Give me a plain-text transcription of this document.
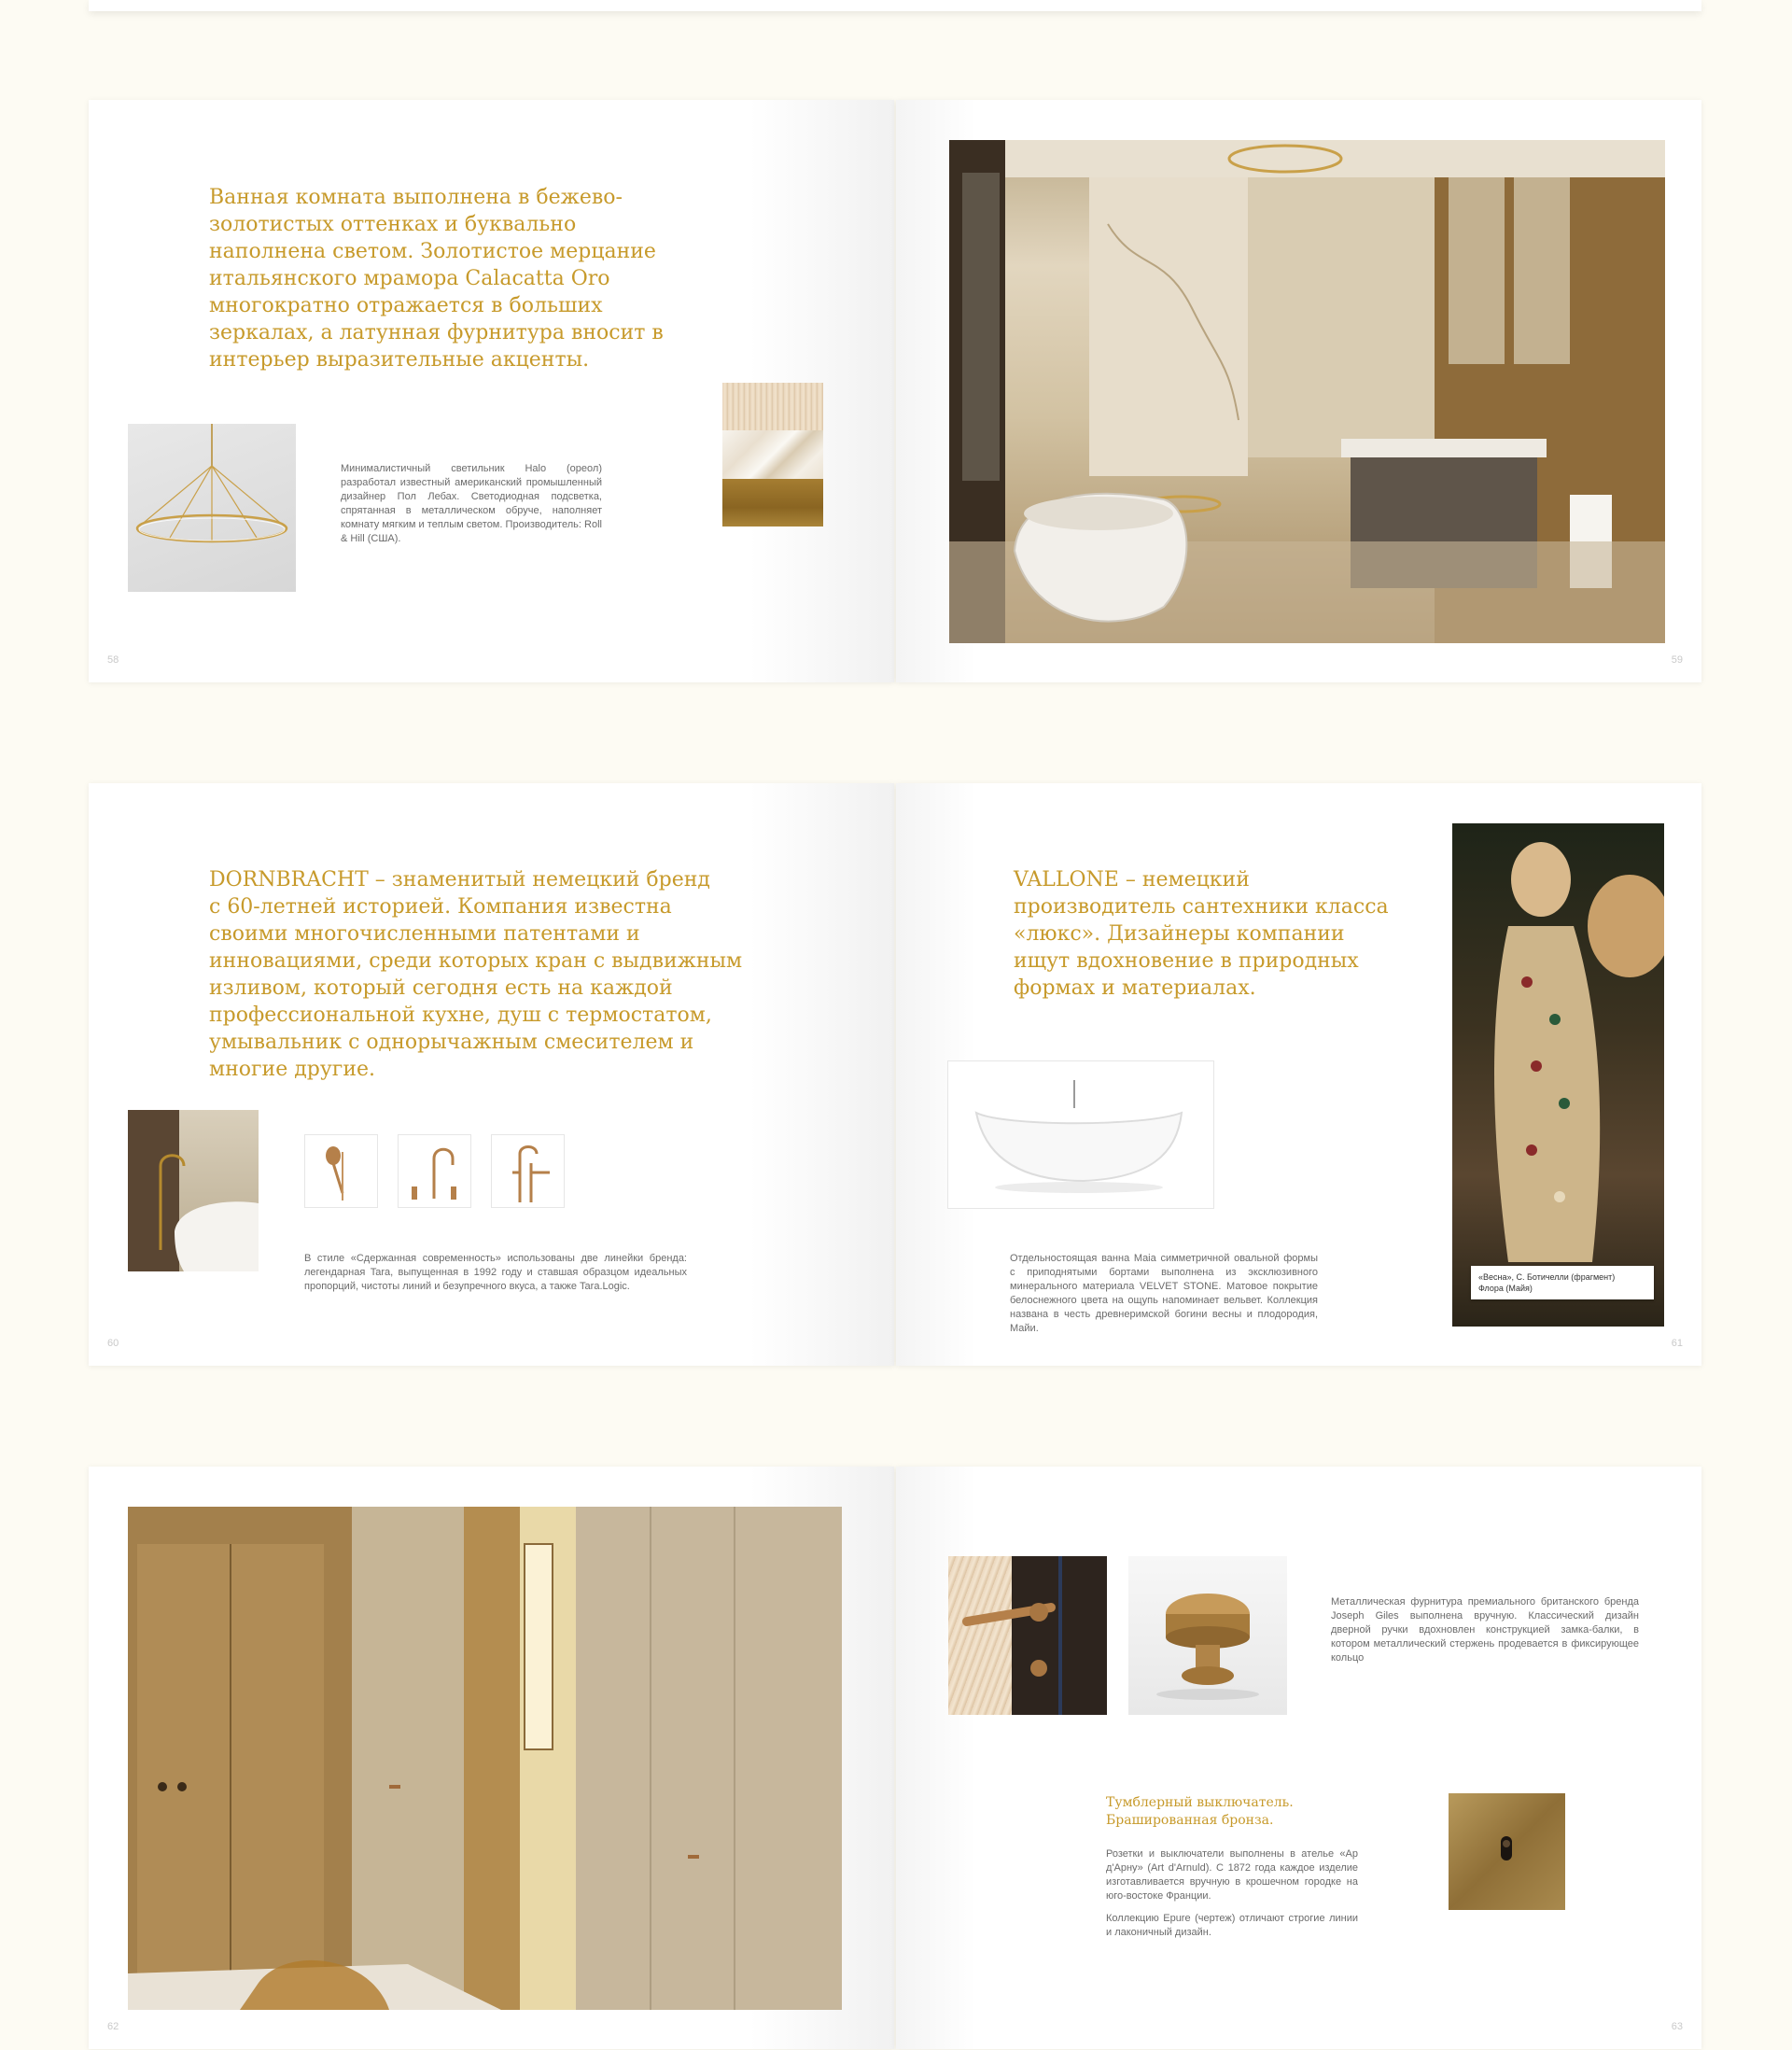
Ванная комната выполнена в бежево-
золотистых оттенках и буквально
наполнена светом. Золотистое мерцание
итальянского мрамора Calacatta Oro
многократно отражается в больших
зеркалах, а латунная фурнитура вносит в
интерьер выразительные акценты.

Минималистичный светильник Halo (ореол) разработал известный американский промышленный дизайнер Пол Лебах. Светодиодная подсветка, спрятанная в металлическом обруче, наполняет комнату мягким и теплым светом. Производитель: Roll & Hill (США).

58	59

DORNBRACHT – знаменитый немецкий бренд
с 60-летней историей. Компания известна
своими многочисленными патентами и
инновациями, среди которых кран с выдвижным
изливом, который сегодня есть на каждой
профессиональной кухне, душ с термостатом,
умывальник с однорычажным смесителем и
многие другие.

В стиле «Сдержанная современность» использованы две линейки бренда: легендарная Tara, выпущенная в 1992 году и ставшая образцом идеальных пропорций, чистоты линий и безупречного вкуса, а также Tara.Logic.

60

VALLONE – немецкий
производитель сантехники класса
«люкс». Дизайнеры компании
ищут вдохновение в природных
формах и материалах.

Отдельностоящая ванна Maia симметричной овальной формы с приподнятыми бортами выполнена из эксклюзивного минерального материала VELVET STONE. Матовое покрытие белоснежного цвета на ощупь напоминает вельвет. Коллекция названа в честь древнеримской богини весны и плодородия, Майи.

«Весна», С. Ботичелли (фрагмент)
Флора (Майя)
61
62

Металлическая фурнитура премиального британского бренда Joseph Giles выполнена вручную. Классический дизайн дверной ручки вдохновлен конструкцией замка-балки, в котором металлический стержень продевается в фиксирующее кольцо

Тумблерный выключатель.
Брашированная бронза.

Розетки и выключатели выполнены в ателье «Ар д'Арну» (Art d'Arnuld). С 1872 года каждое изделие изготавливается вручную в крошечном городке на юго-востоке Франции.

Коллекцию Epure (чертеж) отличают строгие линии и лаконичный дизайн.

63
